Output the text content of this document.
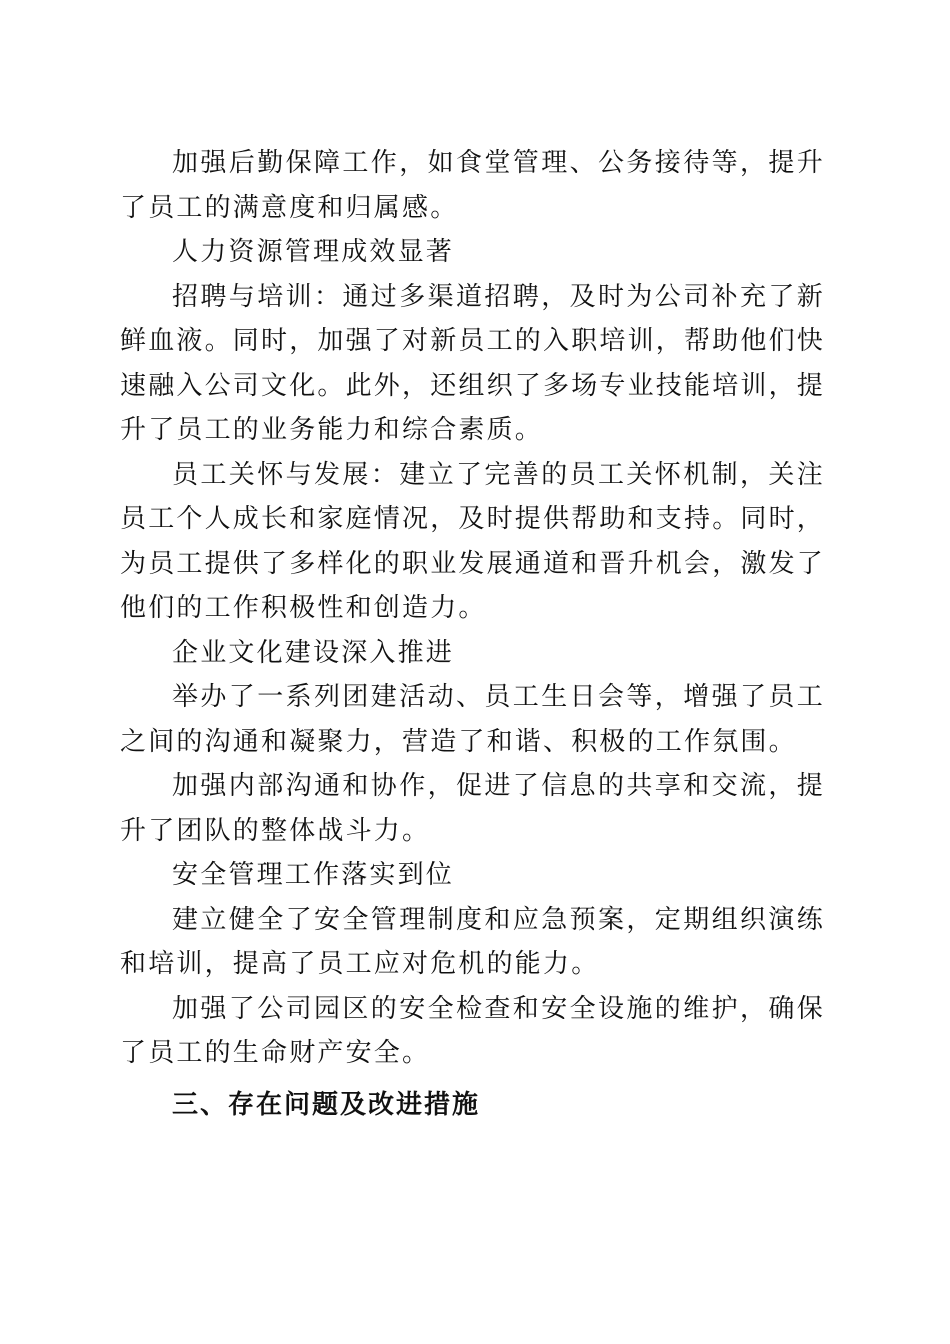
加强后勤保障工作，如食堂管理、公务接待等，提升了员工的满意度和归属感。

人力资源管理成效显著

招聘与培训：通过多渠道招聘，及时为公司补充了新鲜血液。同时，加强了对新员工的入职培训，帮助他们快速融入公司文化。此外，还组织了多场专业技能培训，提升了员工的业务能力和综合素质。

员工关怀与发展：建立了完善的员工关怀机制，关注员工个人成长和家庭情况，及时提供帮助和支持。同时，为员工提供了多样化的职业发展通道和晋升机会，激发了他们的工作积极性和创造力。

企业文化建设深入推进

举办了一系列团建活动、员工生日会等，增强了员工之间的沟通和凝聚力，营造了和谐、积极的工作氛围。

加强内部沟通和协作，促进了信息的共享和交流，提升了团队的整体战斗力。

安全管理工作落实到位

建立健全了安全管理制度和应急预案，定期组织演练和培训，提高了员工应对危机的能力。

加强了公司园区的安全检查和安全设施的维护，确保了员工的生命财产安全。

三、存在问题及改进措施
